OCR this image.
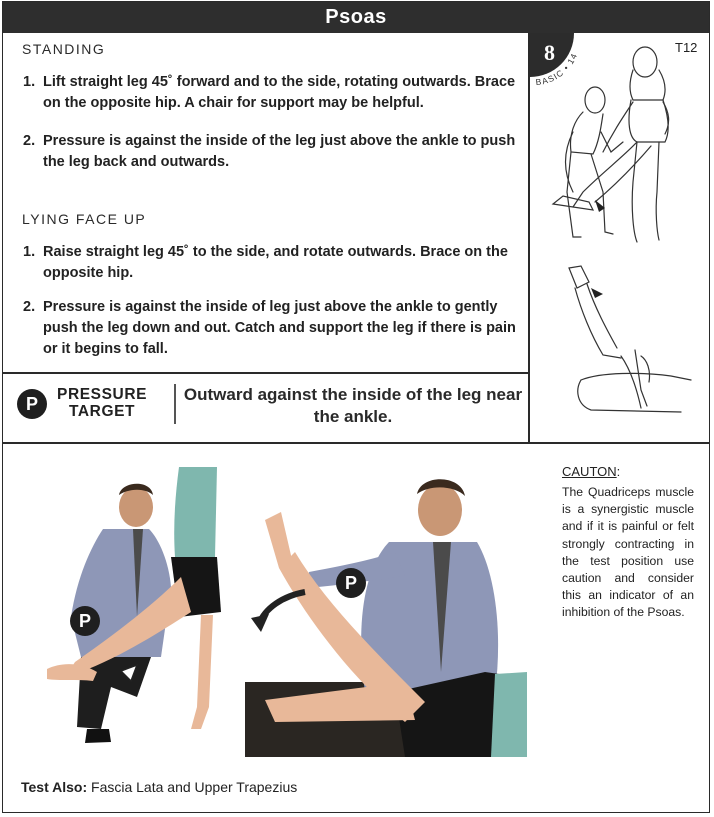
Psoas
STANDING
1. Lift straight leg 45˚ forward and to the side, rotating outwards. Brace on the opposite hip. A chair for support may be helpful.
2. Pressure is against the inside of the leg just above the ankle to push the leg back and outwards.
LYING FACE UP
1. Raise straight leg 45˚ to the side, and rotate outwards. Brace on the opposite hip.
2. Pressure is against the inside of leg just above the ankle to gently push the leg down and out. Catch and support the leg if there is pain or it begins to fall.
P	PRESSURE
TARGET
Outward against the inside of the leg near the ankle.
8
BASIC • 14
T12
P
P
CAUTON:
The Quadriceps muscle is a synergistic muscle and if it is painful or felt strongly contracting in the test position use caution and consider this an indicator of an inhibition of the Psoas.
Test Also: Fascia Lata and Upper Trapezius
